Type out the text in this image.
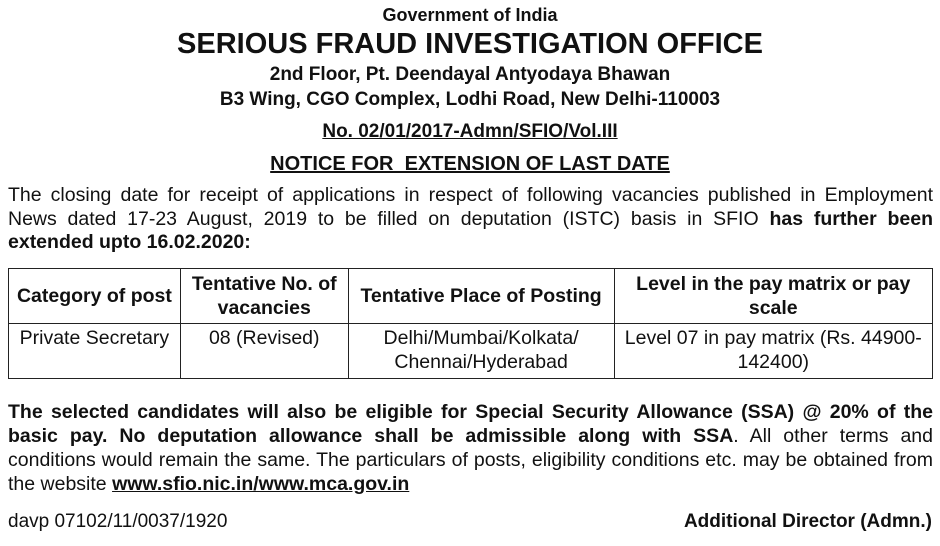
Government of India
SERIOUS FRAUD INVESTIGATION OFFICE
2nd Floor, Pt. Deendayal Antyodaya Bhawan
B3 Wing, CGO Complex, Lodhi Road, New Delhi-110003
No. 02/01/2017-Admn/SFIO/Vol.III
NOTICE FOR  EXTENSION OF LAST DATE
The closing date for receipt of applications in respect of following vacancies published in Employment News dated 17-23 August, 2019 to be filled on deputation (ISTC) basis in SFIO has further been extended upto 16.02.2020:
Category of post	Tentative No. of vacancies	Tentative Place of Posting	Level in the pay matrix or pay scale
Private Secretary	08 (Revised)	Delhi/Mumbai/Kolkata/ Chennai/Hyderabad	Level 07 in pay matrix (Rs. 44900-142400)
The selected candidates will also be eligible for Special Security Allowance (SSA) @ 20% of the basic pay. No deputation allowance shall be admissible along with SSA. All other terms and conditions would remain the same. The particulars of posts, eligibility conditions etc. may be obtained from the website www.sfio.nic.in/www.mca.gov.in
davp 07102/11/0037/1920	Additional Director (Admn.)
